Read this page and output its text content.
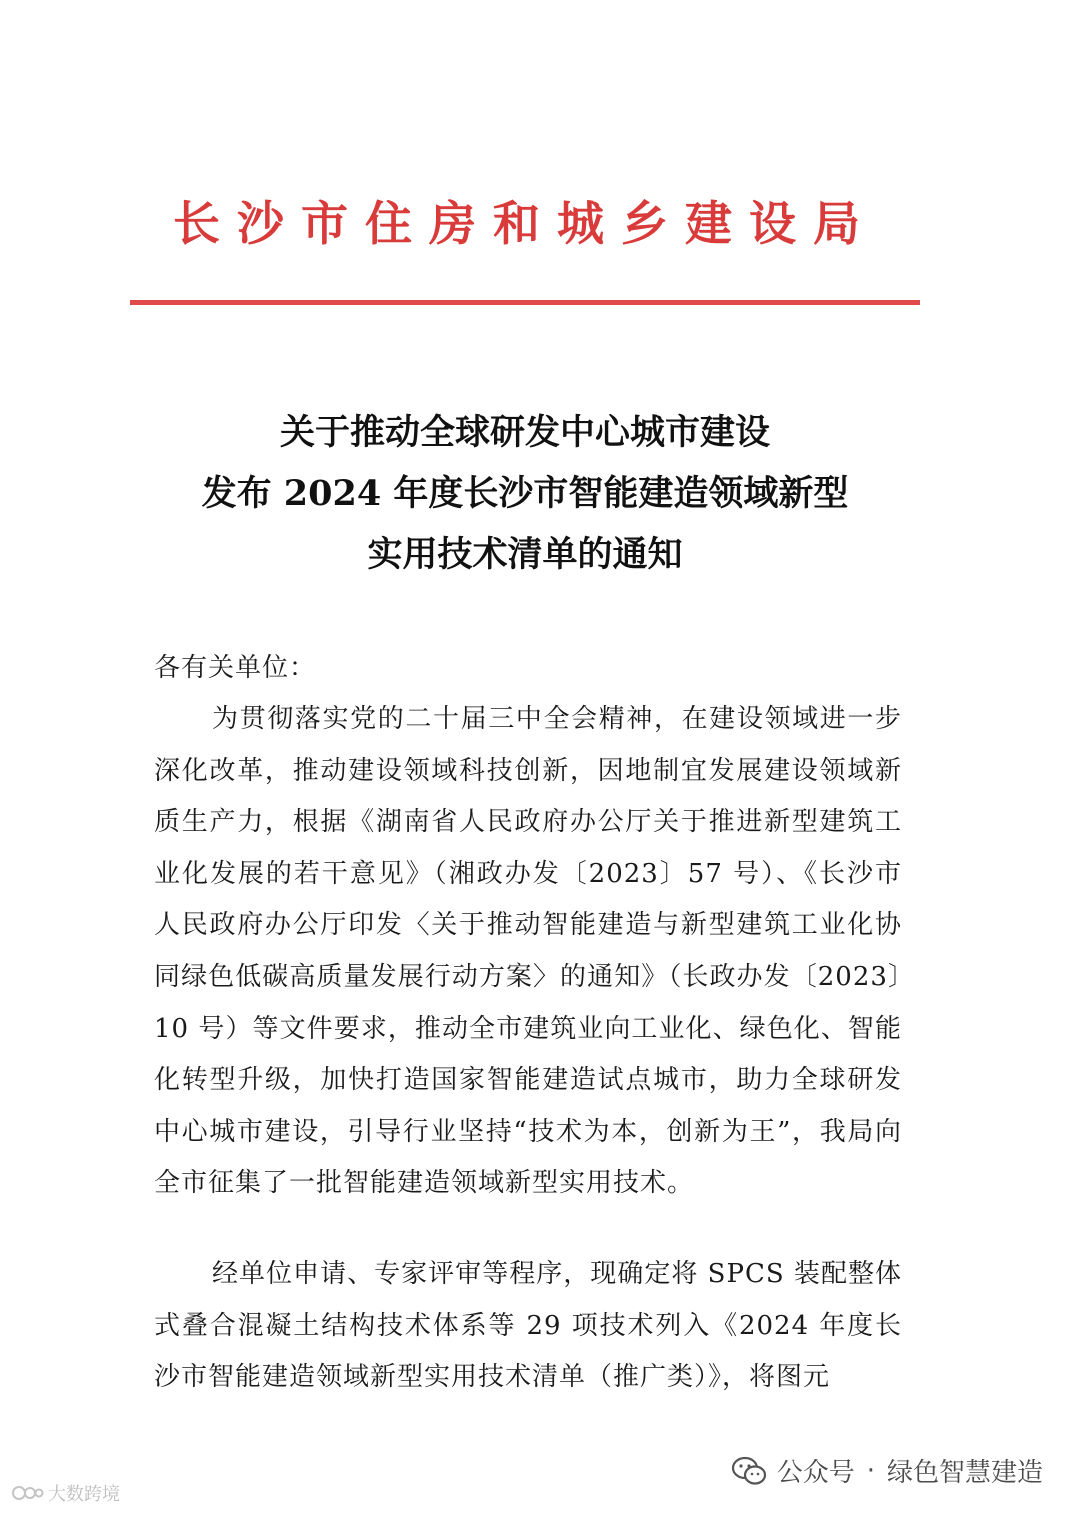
长沙市住房和城乡建设局
关于推动全球研发中心城市建设
发布 2024 年度长沙市智能建造领域新型
实用技术清单的通知
各有关单位：
为贯彻落实党的二十届三中全会精神，在建设领域进一步深化改革，推动建设领域科技创新，因地制宜发展建设领域新质生产力，根据《湖南省人民政府办公厅关于推进新型建筑工业化发展的若干意见》（湘政办发〔2023〕57 号）、《长沙市人民政府办公厅印发〈关于推动智能建造与新型建筑工业化协同绿色低碳高质量发展行动方案〉的通知》（长政办发〔2023〕10 号）等文件要求，推动全市建筑业向工业化、绿色化、智能化转型升级，加快打造国家智能建造试点城市，助力全球研发中心城市建设，引导行业坚持“技术为本，创新为王”，我局向全市征集了一批智能建造领域新型实用技术。
经单位申请、专家评审等程序，现确定将 SPCS 装配整体式叠合混凝土结构技术体系等 29 项技术列入《2024 年度长沙市智能建造领域新型实用技术清单（推广类）》，将图元
公众号 · 绿色智慧建造
大数跨境
